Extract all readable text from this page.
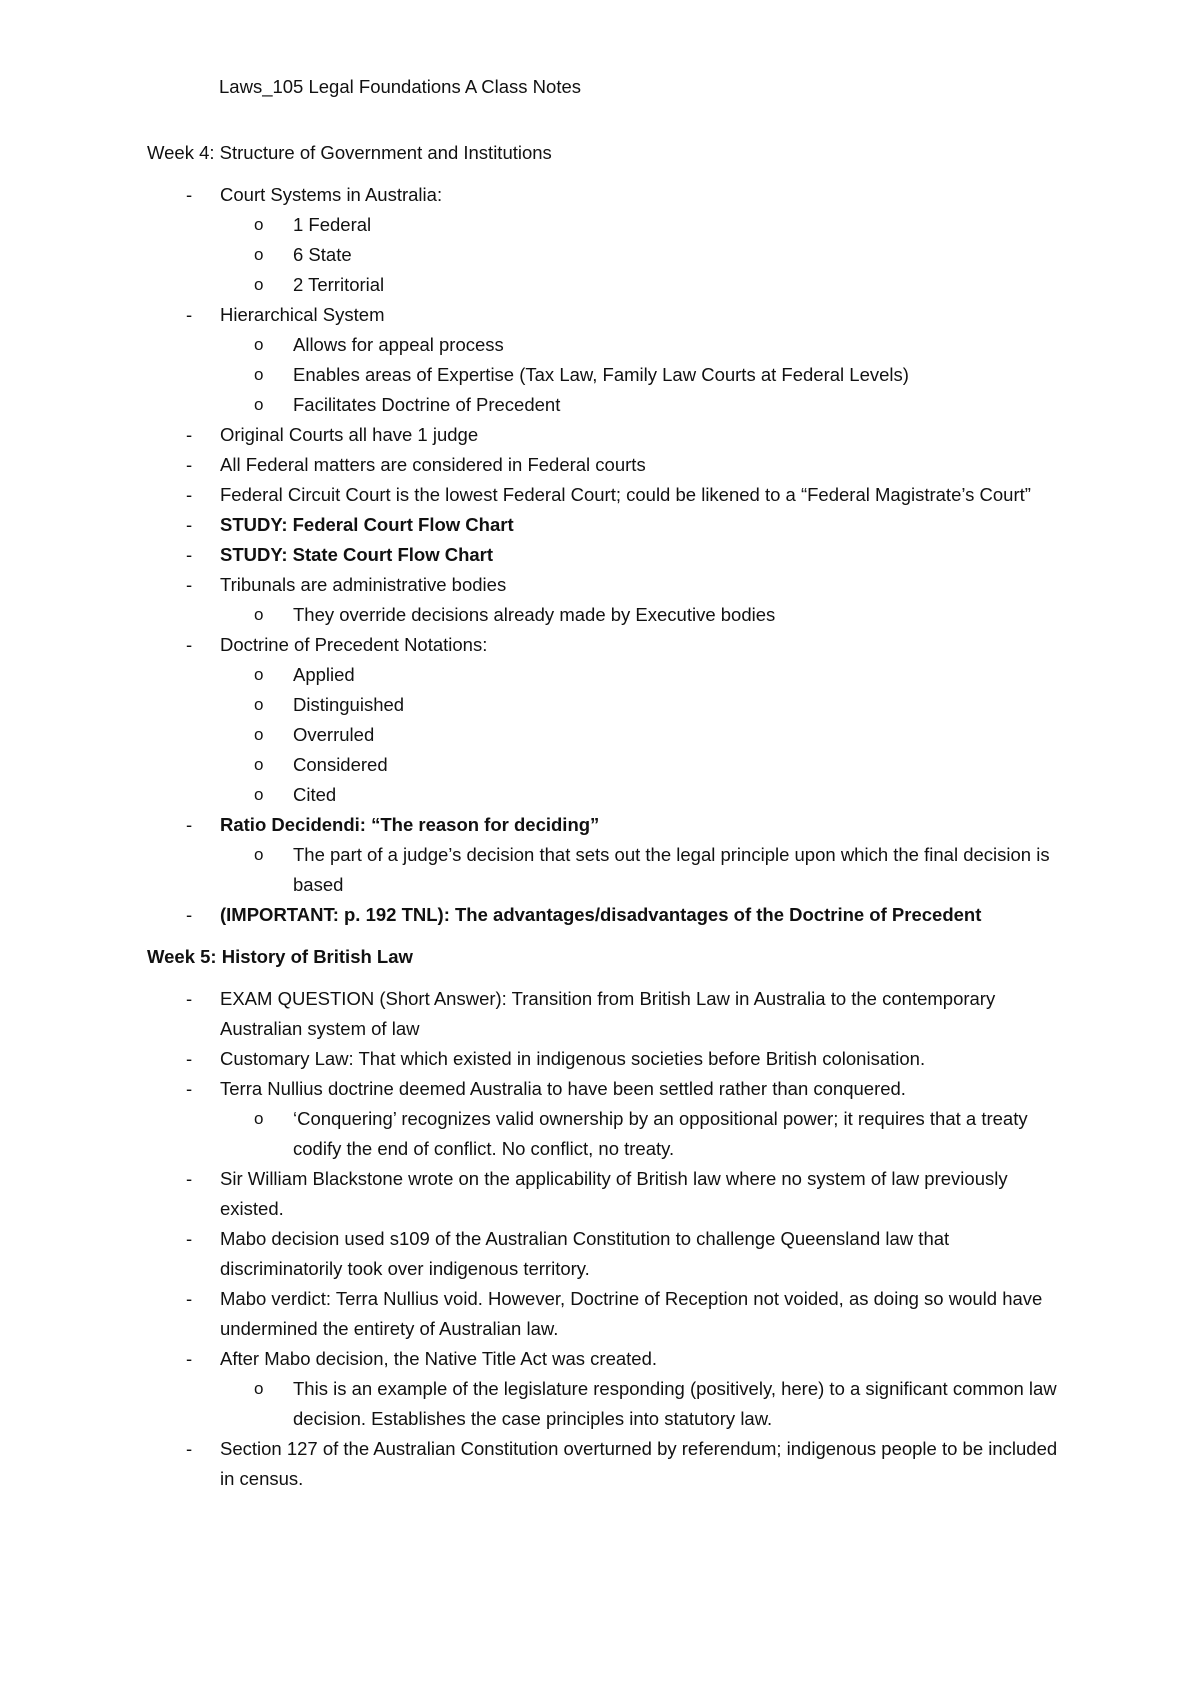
Laws_105 Legal Foundations A Class Notes
Week 4: Structure of Government and Institutions
- Court Systems in Australia:
o 1 Federal
o 6 State
o 2 Territorial
- Hierarchical System
o Allows for appeal process
o Enables areas of Expertise (Tax Law, Family Law Courts at Federal Levels)
o Facilitates Doctrine of Precedent
- Original Courts all have 1 judge
- All Federal matters are considered in Federal courts
- Federal Circuit Court is the lowest Federal Court; could be likened to a “Federal Magistrate’s Court”
- STUDY: Federal Court Flow Chart
- STUDY: State Court Flow Chart
- Tribunals are administrative bodies
o They override decisions already made by Executive bodies
- Doctrine of Precedent Notations:
o Applied
o Distinguished
o Overruled
o Considered
o Cited
- Ratio Decidendi: “The reason for deciding”
o The part of a judge’s decision that sets out the legal principle upon which the final decision is based
- (IMPORTANT: p. 192 TNL): The advantages/disadvantages of the Doctrine of Precedent
Week 5: History of British Law
- EXAM QUESTION (Short Answer): Transition from British Law in Australia to the contemporary Australian system of law
- Customary Law: That which existed in indigenous societies before British colonisation.
- Terra Nullius doctrine deemed Australia to have been settled rather than conquered.
o ‘Conquering’ recognizes valid ownership by an oppositional power; it requires that a treaty codify the end of conflict. No conflict, no treaty.
- Sir William Blackstone wrote on the applicability of British law where no system of law previously existed.
- Mabo decision used s109 of the Australian Constitution to challenge Queensland law that discriminatorily took over indigenous territory.
- Mabo verdict: Terra Nullius void. However, Doctrine of Reception not voided, as doing so would have undermined the entirety of Australian law.
- After Mabo decision, the Native Title Act was created.
o This is an example of the legislature responding (positively, here) to a significant common law decision. Establishes the case principles into statutory law.
- Section 127 of the Australian Constitution overturned by referendum; indigenous people to be included in census.
